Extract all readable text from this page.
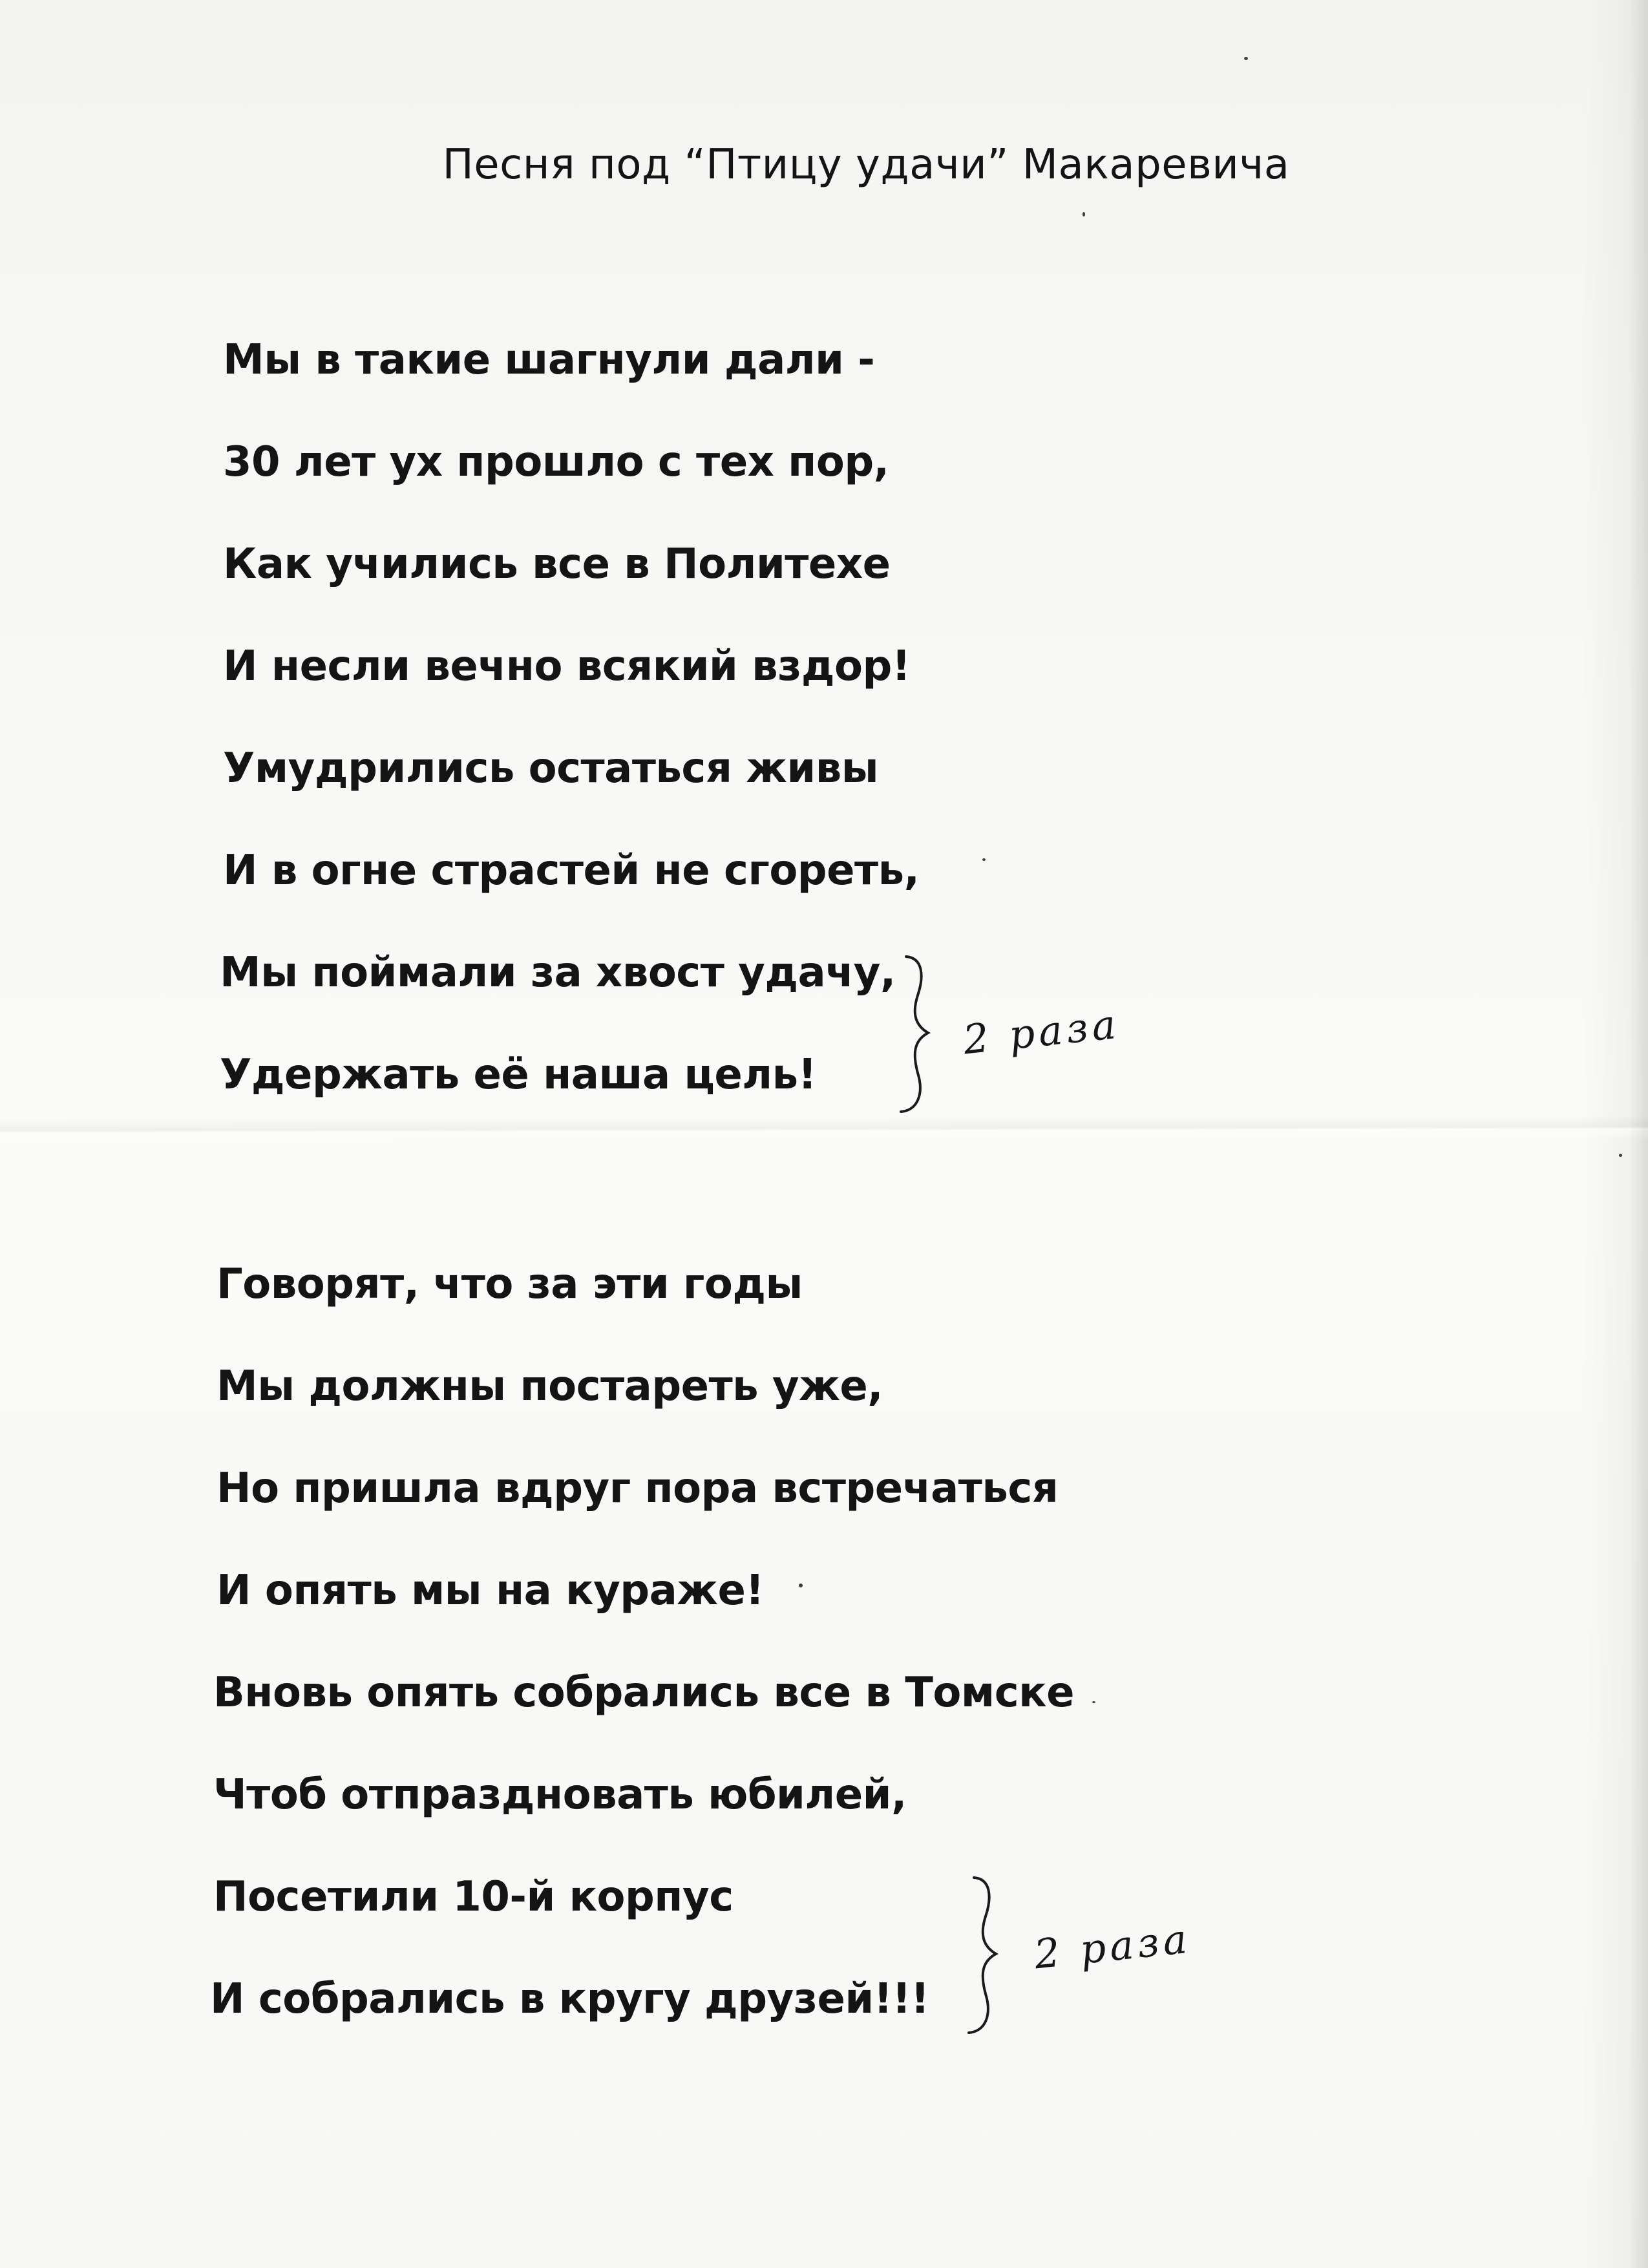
Песня под “Птицу удачи” Макаревича

Мы в такие шагнули дали -

30 лет ух прошло с тех пор,

Как учились все в Политехе

И несли вечно всякий вздор!

Умудрились остаться живы

И в огне страстей не сгореть,

Мы поймали за хвост удачу,

Удержать её наша цель!

2 раза

Говорят, что за эти годы

Мы должны постареть уже,

Но пришла вдруг пора встречаться

И опять мы на кураже!

Вновь опять собрались все в Томске

Чтоб отпраздновать юбилей,

Посетили 10-й корпус

И собрались в кругу друзей!!!

2 раза
